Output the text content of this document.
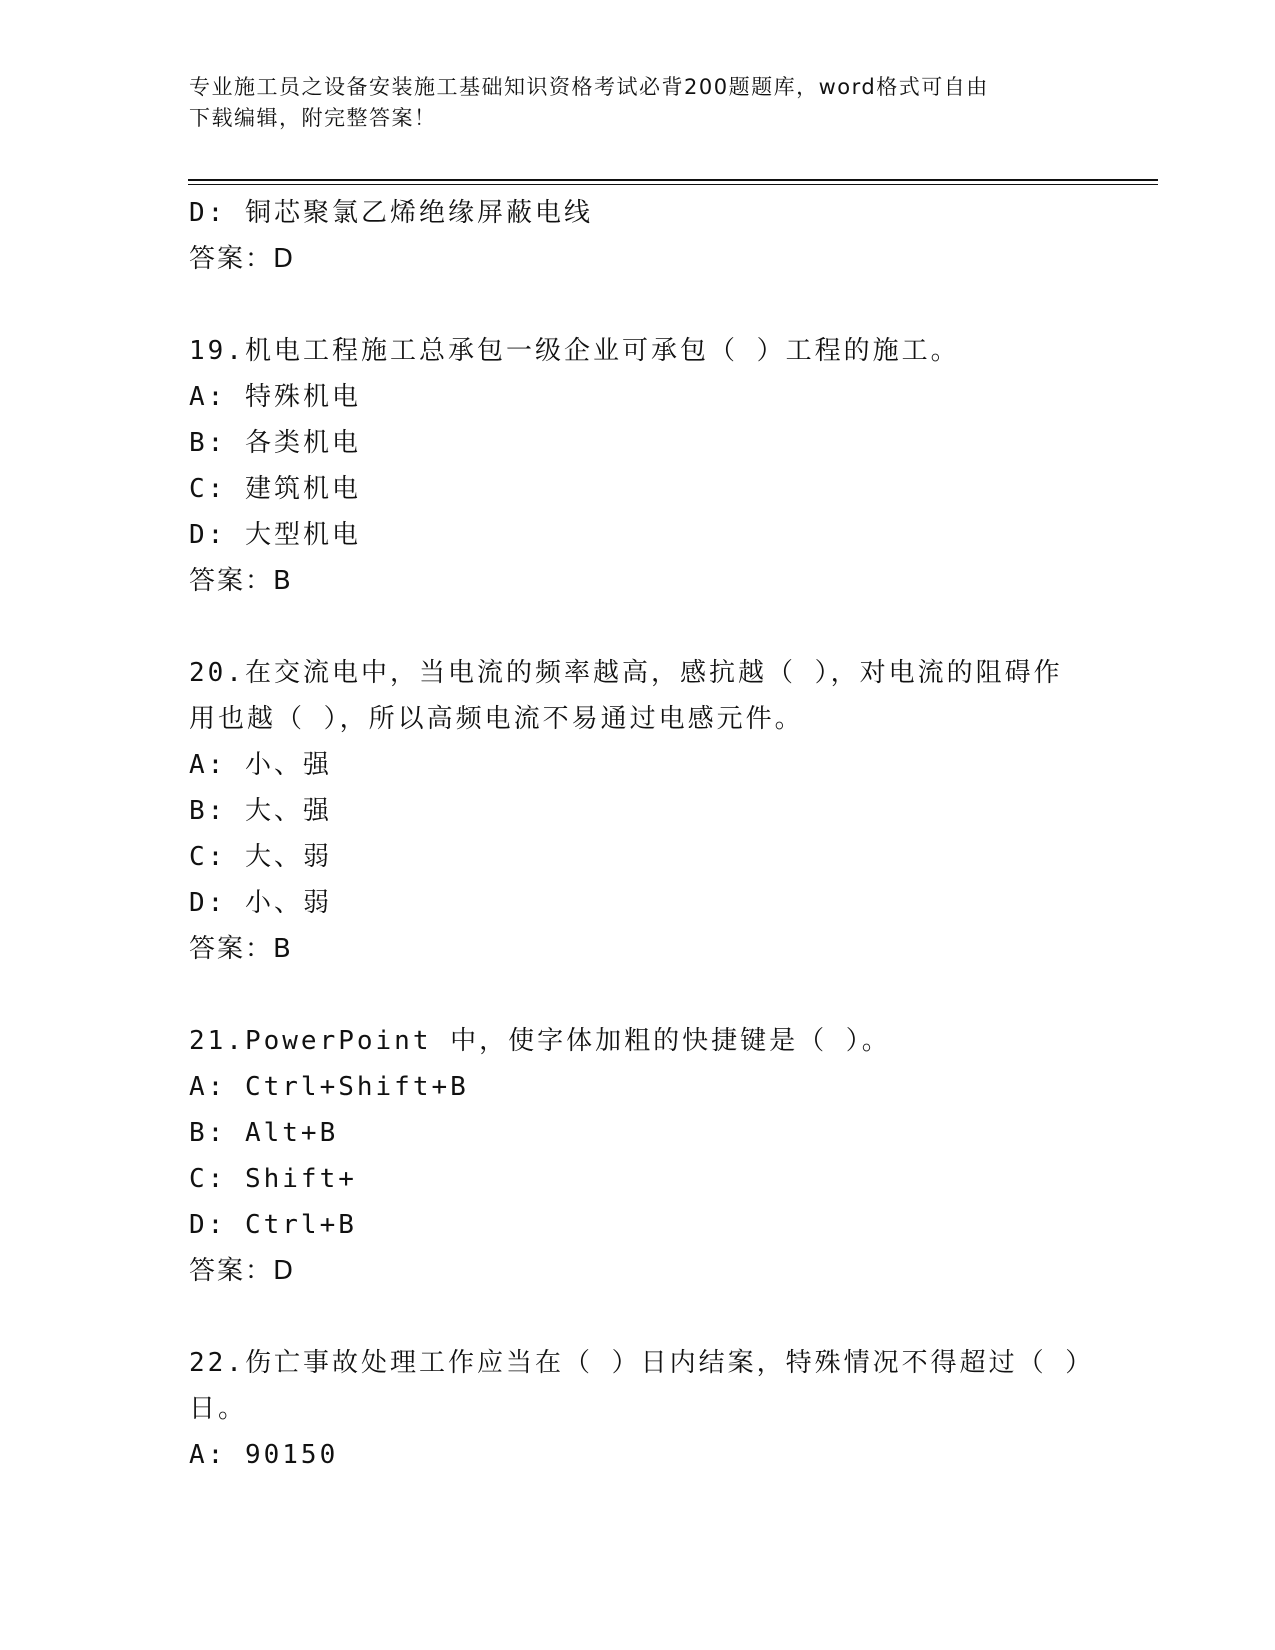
专业施工员之设备安装施工基础知识资格考试必背200题题库，word格式可自由
下载编辑，附完整答案！
D: 铜芯聚氯乙烯绝缘屏蔽电线
答案：D
19.机电工程施工总承包一级企业可承包（ ）工程的施工。
A: 特殊机电
B: 各类机电
C: 建筑机电
D: 大型机电
答案：B
20.在交流电中，当电流的频率越高，感抗越（ ），对电流的阻碍作
用也越（ ），所以高频电流不易通过电感元件。
A: 小、强
B: 大、强
C: 大、弱
D: 小、弱
答案：B
21.PowerPoint 中，使字体加粗的快捷键是（ ）。
A: Ctrl+Shift+B
B: Alt+B
C: Shift+
D: Ctrl+B
答案：D
22.伤亡事故处理工作应当在（ ）日内结案，特殊情况不得超过（ ）
日。
A: 90150
